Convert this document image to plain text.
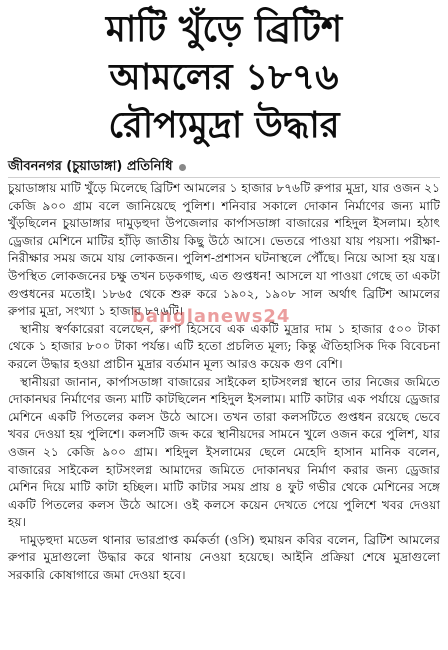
মাটি খুঁড়ে ব্রিটিশ
আমলের ১৮৭৬
রৌপ্যমুদ্রা উদ্ধার
জীবননগর (চুয়াডাঙ্গা) প্রতিনিধি

চুয়াডাঙ্গায় মাটি খুঁড়ে মিলেছে ব্রিটিশ আমলের ১ হাজার ৮৭৬টি রুপার মুদ্রা, যার ওজন ২১ কেজি ৯০০ গ্রাম বলে জানিয়েছে পুলিশ। শনিবার সকালে দোকান নির্মাণের জন্য মাটি খুঁড়ছিলেন চুয়াডাঙ্গার দামুড়হুদা উপজেলার কার্পাসডাঙ্গা বাজারের শহিদুল ইসলাম। হঠাৎ ড্রেজার মেশিনে মাটির হাঁড়ি জাতীয় কিছু উঠে আসে। ভেতরে পাওয়া যায় পয়সা। পরীক্ষা-নিরীক্ষার সময় জমে যায় লোকজন। পুলিশ-প্রশাসন ঘটনাস্থলে পৌঁছে। নিয়ে আসা হয় যন্ত্র। উপস্থিত লোকজনের চক্ষু তখন চড়কগাছ, এত গুপ্তধন! আসলে যা পাওয়া গেছে তা একটা গুপ্তধনের মতোই। ১৮৬৫ থেকে শুরু করে ১৯০২, ১৯০৮ সাল অর্থাৎ ব্রিটিশ আমলের রুপার মুদ্রা, সংখ্যা ১ হাজার ৮৭৬টি।

স্থানীয় স্বর্ণকারেরা বলেছেন, রুপা হিসেবে এক একটি মুদ্রার দাম ১ হাজার ৫০০ টাকা থেকে ১ হাজার ৮০০ টাকা পর্যন্ত। এটি হতো প্রচলিত মূল্য; কিন্তু ঐতিহাসিক দিক বিবেচনা করলে উদ্ধার হওয়া প্রাচীন মুদ্রার বর্তমান মূল্য আরও কয়েক গুণ বেশি।

স্থানীয়রা জানান, কার্পাসডাঙ্গা বাজারের সাইকেল হাটসংলগ্ন স্থানে তার নিজের জমিতে দোকানঘর নির্মাণের জন্য মাটি কাটছিলেন শহিদুল ইসলাম। মাটি কাটার এক পর্যায়ে ড্রেজার মেশিনে একটি পিতলের কলস উঠে আসে। তখন তারা কলসটিতে গুপ্তধন রয়েছে ভেবে খবর দেওয়া হয় পুলিশে। কলসটি জব্দ করে স্থানীয়দের সামনে খুলে ওজন করে পুলিশ, যার ওজন ২১ কেজি ৯০০ গ্রাম। শহিদুল ইসলামের ছেলে মেহেদি হাসান মানিক বলেন, বাজারের সাইকেল হাটসংলগ্ন আমাদের জমিতে দোকানঘর নির্মাণ করার জন্য ড্রেজার মেশিন দিয়ে মাটি কাটা হচ্ছিল। মাটি কাটার সময় প্রায় ৪ ফুট গভীর থেকে মেশিনের সঙ্গে একটি পিতলের কলস উঠে আসে। ওই কলসে কয়েন দেখতে পেয়ে পুলিশে খবর দেওয়া হয়।

দামুড়হুদা মডেল থানার ভারপ্রাপ্ত কর্মকর্তা (ওসি) হুমায়ন কবির বলেন, ব্রিটিশ আমলের রুপার মুদ্রাগুলো উদ্ধার করে থানায় নেওয়া হয়েছে। আইনি প্রক্রিয়া শেষে মুদ্রাগুলো সরকারি কোষাগারে জমা দেওয়া হবে।

banglanews24
